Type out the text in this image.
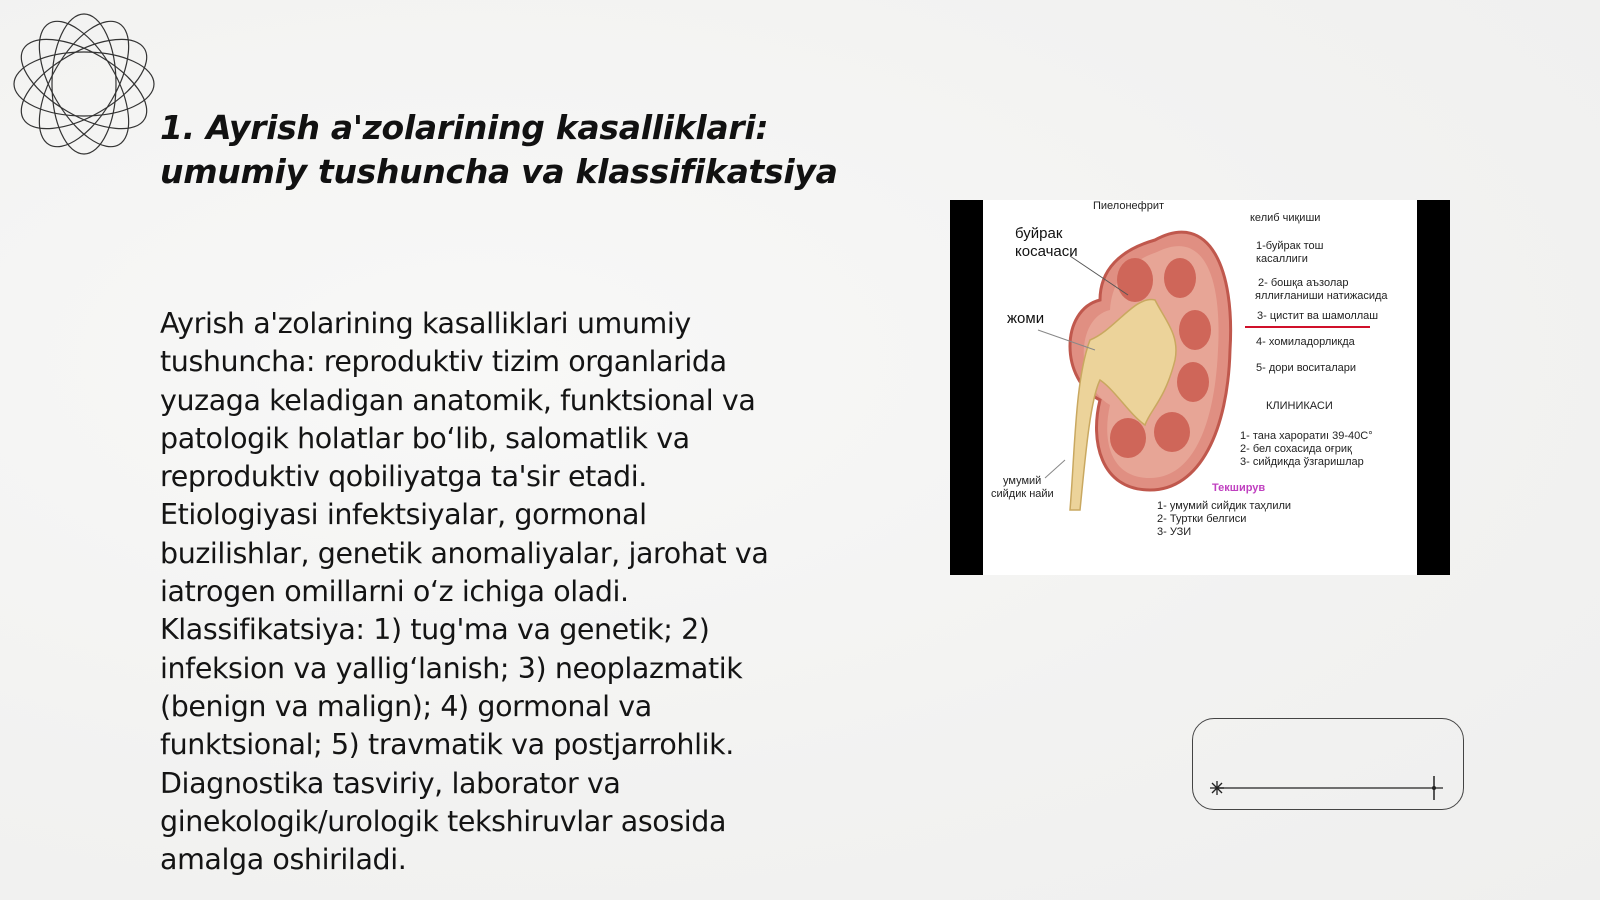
1. Ayrish a'zolarining kasalliklari:
umumiy tushuncha va klassifikatsiya
Ayrish a'zolarining kasalliklari umumiy
tushuncha: reproduktiv tizim organlarida
yuzaga keladigan anatomik, funktsional va
patologik holatlar bo‘lib, salomatlik va
reproduktiv qobiliyatga ta'sir etadi.
Etiologiyasi infektsiyalar, gormonal
buzilishlar, genetik anomaliyalar, jarohat va
iatrogen omillarni o‘z ichiga oladi.
Klassifikatsiya: 1) tug'ma va genetik; 2)
infeksion va yallig‘lanish; 3) neoplazmatik
(benign va malign); 4) gormonal va
funktsional; 5) travmatik va postjarrohlik.
Diagnostika tasviriy, laborator va
ginekologik/urologik tekshiruvlar asosida
amalga oshiriladi.
Пиелонефрит
буйрак
косачаси
жоми
умумий
сийдик найи
келиб чиқиши
1-буйрак тош
касаллиги
2- бошқа аъзолар
яллиғланиши натижасида
3- цистит ва шамоллаш
4- хомиладорликда
5- дори воситалари
КЛИНИКАСИ
1- тана хароратиı 39-40С°
2- бел сохасида оғриқ
3- сийдикда ўзгаришлар
Текширув
1- умумий сийдик таҳлили
2- Туртки белгиси
3- УЗИ
